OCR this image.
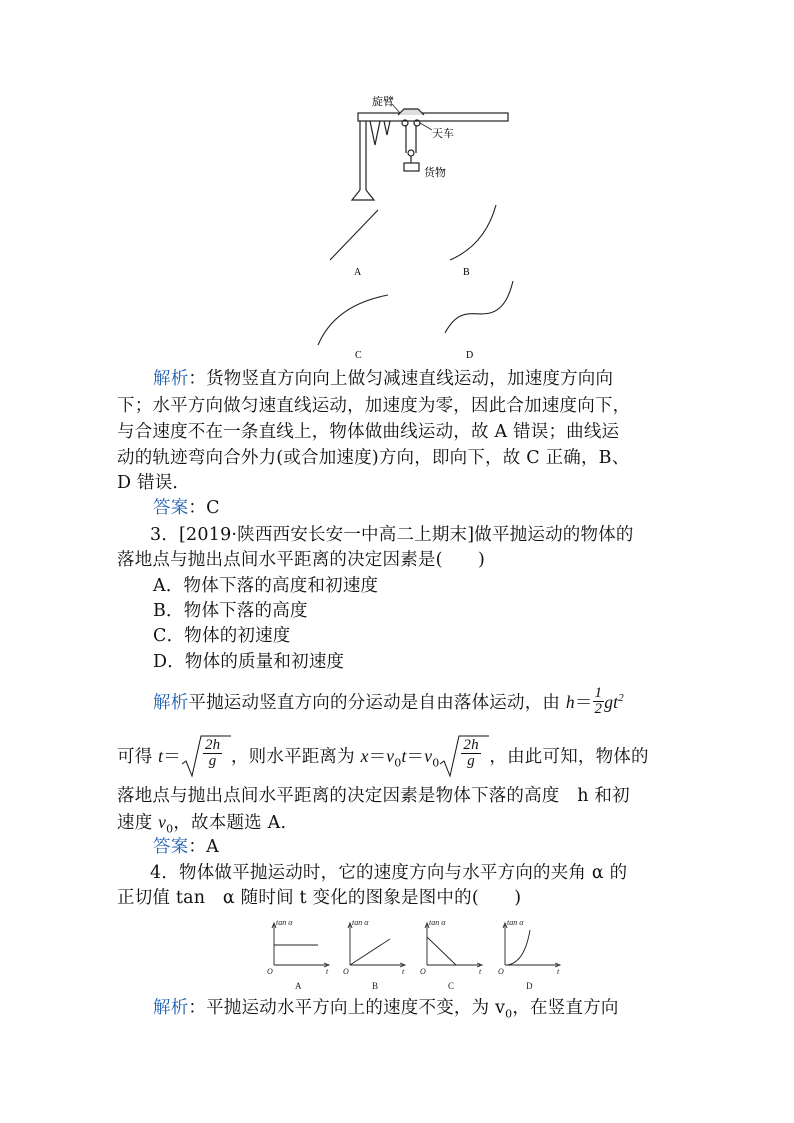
旋臂
天车
货物
A	B
C	D
解析：货物竖直方向向上做匀减速直线运动，加速度方向向
下；水平方向做匀速直线运动，加速度为零，因此合加速度向下，
与合速度不在一条直线上，物体做曲线运动，故 A 错误；曲线运
动的轨迹弯向合外力(或合加速度)方向，即向下，故 C 正确，B、
D 错误．
答案：C
3．[2019·陕西西安长安一中高二上期末]做平抛运动的物体的
落地点与抛出点间水平距离的决定因素是(　　)
A．物体下落的高度和初速度
B．物体下落的高度
C．物体的初速度
D．物体的质量和初速度
解析平抛运动竖直方向的分运动是自由落体运动，由 $h= \frac{1}{2} gt^2$
可得 $t= \frac{2h}{g}$ ，则水平距离为 $x=v_0t=v_0 \frac{2h}{g}$ ，由此可知，物体的
落地点与抛出点间水平距离的决定因素是物体下落的高度　h 和初
速度 $v_0$，故本题选 A.
答案：A
4．物体做平抛运动时，它的速度方向与水平方向的夹角 α 的
正切值 tan　α 随时间 t 变化的图象是图中的(　　)
tan α
O	t
tan α
O	t
tan α
O	t
tan α
O	t
A	B	C	D
解析：平抛运动水平方向上的速度不变，为 $v_0$，在竖直方向
